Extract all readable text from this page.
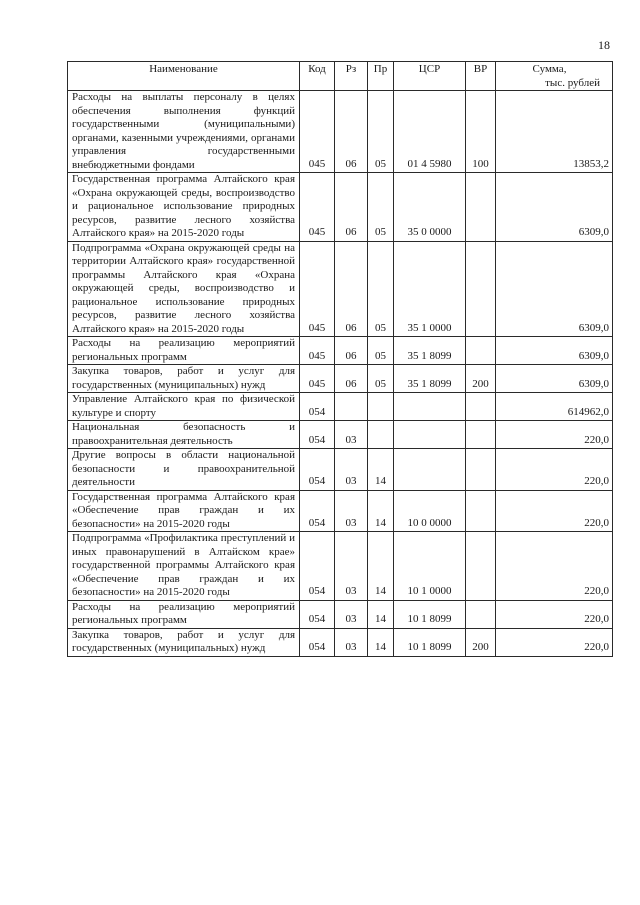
18
Наименование	Код	Рз	Пр	ЦСР	ВР	Сумма,
тыс. рублей

Расходы на выплаты персоналу в целях обеспечения выполнения функций государственными (муниципальными) органами, казенными учреждениями, органами управления государственными внебюджетными фондами	045	06	05	01 4 5980	100	13853,2
Государственная программа Алтайского края «Охрана окружающей среды, воспроизводство и рациональное использование природных ресурсов, развитие лесного хозяйства Алтайского края» на 2015-2020 годы	045	06	05	35 0 0000		6309,0
Подпрограмма «Охрана окружающей среды на территории Алтайского края» государственной программы Алтайского края «Охрана окружающей среды, воспроизводство и рациональное использование природных ресурсов, развитие лесного хозяйства Алтайского края» на 2015-2020 годы	045	06	05	35 1 0000		6309,0
Расходы на реализацию мероприятий региональных программ	045	06	05	35 1 8099		6309,0
Закупка товаров, работ и услуг для государственных (муниципальных) нужд	045	06	05	35 1 8099	200	6309,0
Управление Алтайского края по физической культуре и спорту	054					614962,0
Национальная безопасность и правоохранительная деятельность	054	03				220,0
Другие вопросы в области национальной безопасности и правоохранительной деятельности	054	03	14			220,0
Государственная программа Алтайского края «Обеспечение прав граждан и их безопасности» на 2015-2020 годы	054	03	14	10 0 0000		220,0
Подпрограмма «Профилактика преступлений и иных правонарушений в Алтайском крае» государственной программы Алтайского края «Обеспечение прав граждан и их безопасности» на 2015-2020 годы	054	03	14	10 1 0000		220,0
Расходы на реализацию мероприятий региональных программ	054	03	14	10 1 8099		220,0
Закупка товаров, работ и услуг для государственных (муниципальных) нужд	054	03	14	10 1 8099	200	220,0
